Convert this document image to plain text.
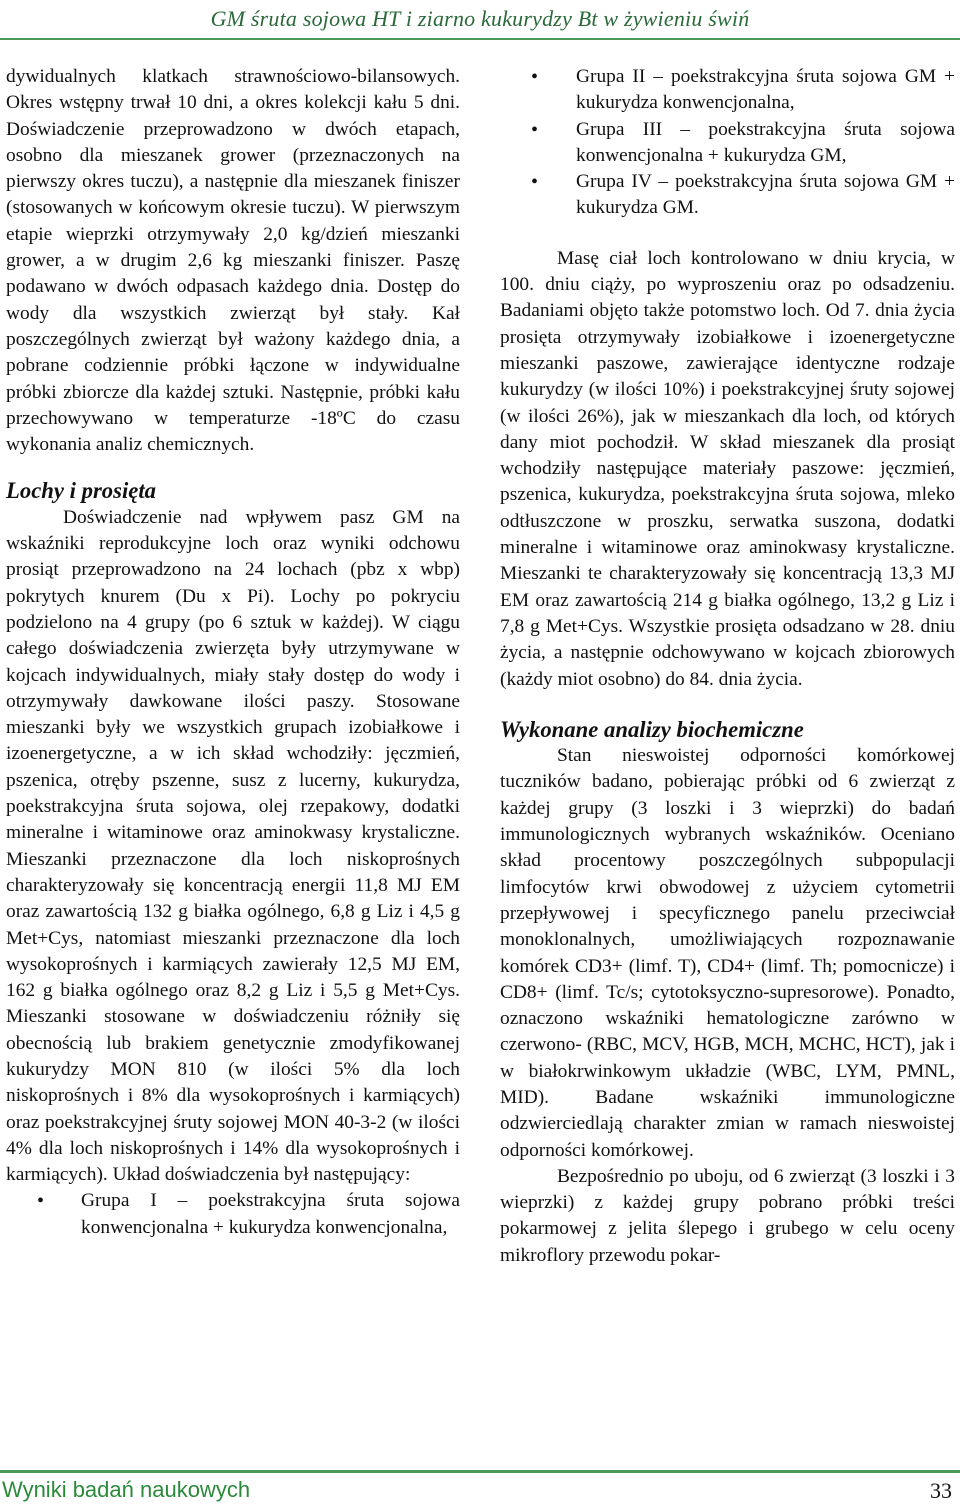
GM śruta sojowa HT i ziarno kukurydzy Bt w żywieniu świń

dywidualnych klatkach strawnościowo-bilansowych. Okres wstępny trwał 10 dni, a okres kolekcji kału 5 dni. Doświadczenie przeprowadzono w dwóch etapach, osobno dla mieszanek grower (przeznaczonych na pierwszy okres tuczu), a następnie dla mieszanek finiszer (stosowanych w końcowym okresie tuczu). W pierwszym etapie wieprzki otrzymywały 2,0 kg/dzień mieszanki grower, a w drugim 2,6 kg mieszanki finiszer. Paszę podawano w dwóch odpasach każdego dnia. Dostęp do wody dla wszystkich zwierząt był stały. Kał poszczególnych zwierząt był ważony każdego dnia, a pobrane codziennie próbki łączone w indywidualne próbki zbiorcze dla każdej sztuki. Następnie, próbki kału przechowywano w temperaturze -18ºC do czasu wykonania analiz chemicznych.

Lochy i prosięta

Doświadczenie nad wpływem pasz GM na wskaźniki reprodukcyjne loch oraz wyniki odchowu prosiąt przeprowadzono na 24 lochach (pbz x wbp) pokrytych knurem (Du x Pi). Lochy po pokryciu podzielono na 4 grupy (po 6 sztuk w każdej). W ciągu całego doświadczenia zwierzęta były utrzymywane w kojcach indywidualnych, miały stały dostęp do wody i otrzymywały dawkowane ilości paszy. Stosowane mieszanki były we wszystkich grupach izobiałkowe i izoenergetyczne, a w ich skład wchodziły: jęczmień, pszenica, otręby pszenne, susz z lucerny, kukurydza, poekstrakcyjna śruta sojowa, olej rzepakowy, dodatki mineralne i witaminowe oraz aminokwasy krystaliczne. Mieszanki przeznaczone dla loch niskoprośnych charakteryzowały się koncentracją energii 11,8 MJ EM oraz zawartością 132 g białka ogólnego, 6,8 g Liz i 4,5 g Met+Cys, natomiast mieszanki przeznaczone dla loch wysokoprośnych i karmiących zawierały 12,5 MJ EM, 162 g białka ogólnego oraz 8,2 g Liz i 5,5 g Met+Cys. Mieszanki stosowane w doświadczeniu różniły się obecnością lub brakiem genetycznie zmodyfikowanej kukurydzy MON 810 (w ilości 5% dla loch niskoprośnych i 8% dla wysokoprośnych i karmiących) oraz poekstrakcyjnej śruty sojowej MON 40-3-2 (w ilości 4% dla loch niskoprośnych i 14% dla wysokoprośnych i karmiących). Układ doświadczenia był następujący:

• Grupa I – poekstrakcyjna śruta sojowa konwencjonalna + kukurydza konwencjonalna,
• Grupa II – poekstrakcyjna śruta sojowa GM + kukurydza konwencjonalna,
• Grupa III – poekstrakcyjna śruta sojowa konwencjonalna + kukurydza GM,
• Grupa IV – poekstrakcyjna śruta sojowa GM + kukurydza GM.

Masę ciał loch kontrolowano w dniu krycia, w 100. dniu ciąży, po wyproszeniu oraz po odsadzeniu. Badaniami objęto także potomstwo loch. Od 7. dnia życia prosięta otrzymywały izobiałkowe i izoenergetyczne mieszanki paszowe, zawierające identyczne rodzaje kukurydzy (w ilości 10%) i poekstrakcyjnej śruty sojowej (w ilości 26%), jak w mieszankach dla loch, od których dany miot pochodził. W skład mieszanek dla prosiąt wchodziły następujące materiały paszowe: jęczmień, pszenica, kukurydza, poekstrakcyjna śruta sojowa, mleko odtłuszczone w proszku, serwatka suszona, dodatki mineralne i witaminowe oraz aminokwasy krystaliczne. Mieszanki te charakteryzowały się koncentracją 13,3 MJ EM oraz zawartością 214 g białka ogólnego, 13,2 g Liz i 7,8 g Met+Cys. Wszystkie prosięta odsadzano w 28. dniu życia, a następnie odchowywano w kojcach zbiorowych (każdy miot osobno) do 84. dnia życia.

Wykonane analizy biochemiczne

Stan nieswoistej odporności komórkowej tuczników badano, pobierając próbki od 6 zwierząt z każdej grupy (3 loszki i 3 wieprzki) do badań immunologicznych wybranych wskaźników. Oceniano skład procentowy poszczególnych subpopulacji limfocytów krwi obwodowej z użyciem cytometrii przepływowej i specyficznego panelu przeciwciał monoklonalnych, umożliwiających rozpoznawanie komórek CD3+ (limf. T), CD4+ (limf. Th; pomocnicze) i CD8+ (limf. Tc/s; cytotoksyczno-supresorowe). Ponadto, oznaczono wskaźniki hematologiczne zarówno w czerwono- (RBC, MCV, HGB, MCH, MCHC, HCT), jak i w białokrwinkowym układzie (WBC, LYM, PMNL, MID). Badane wskaźniki immunologiczne odzwierciedlają charakter zmian w ramach nieswoistej odporności komórkowej.

Bezpośrednio po uboju, od 6 zwierząt (3 loszki i 3 wieprzki) z każdej grupy pobrano próbki treści pokarmowej z jelita ślepego i grubego w celu oceny mikroflory przewodu pokar-

Wyniki badań naukowych	33
